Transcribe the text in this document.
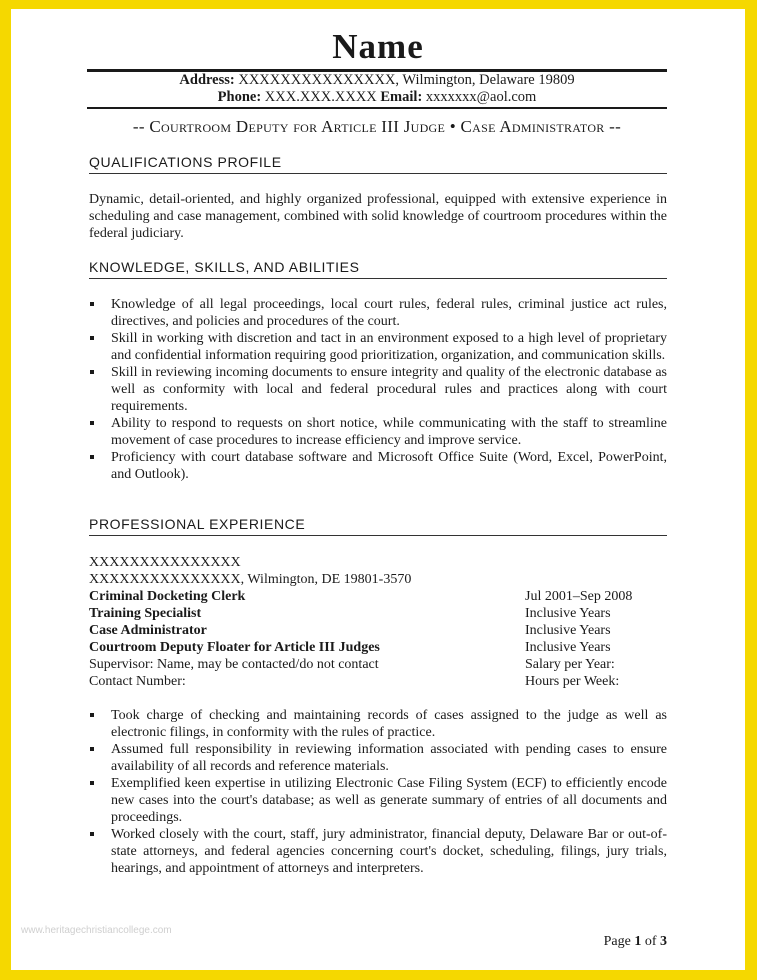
Name
Address: XXXXXXXXXXXXXXX, Wilmington, Delaware 19809
Phone: XXX.XXX.XXXX Email: xxxxxxx@aol.com
-- Courtroom Deputy for Article III Judge • Case Administrator --
QUALIFICATIONS PROFILE
Dynamic, detail-oriented, and highly organized professional, equipped with extensive experience in scheduling and case management, combined with solid knowledge of courtroom procedures within the federal judiciary.
KNOWLEDGE, SKILLS, AND ABILITIES
Knowledge of all legal proceedings, local court rules, federal rules, criminal justice act rules, directives, and policies and procedures of the court.
Skill in working with discretion and tact in an environment exposed to a high level of proprietary and confidential information requiring good prioritization, organization, and communication skills.
Skill in reviewing incoming documents to ensure integrity and quality of the electronic database as well as conformity with local and federal procedural rules and practices along with court requirements.
Ability to respond to requests on short notice, while communicating with the staff to streamline movement of case procedures to increase efficiency and improve service.
Proficiency with court database software and Microsoft Office Suite (Word, Excel, PowerPoint, and Outlook).
PROFESSIONAL EXPERIENCE
XXXXXXXXXXXXXXX
XXXXXXXXXXXXXXX, Wilmington, DE 19801-3570
Criminal Docketing Clerk	Jul 2001–Sep 2008
Training Specialist	Inclusive Years
Case Administrator	Inclusive Years
Courtroom Deputy Floater for Article III Judges	Inclusive Years
Supervisor: Name, may be contacted/do not contact	Salary per Year:
Contact Number:	Hours per Week:
Took charge of checking and maintaining records of cases assigned to the judge as well as electronic filings, in conformity with the rules of practice.
Assumed full responsibility in reviewing information associated with pending cases to ensure availability of all records and reference materials.
Exemplified keen expertise in utilizing Electronic Case Filing System (ECF) to efficiently encode new cases into the court's database; as well as generate summary of entries of all documents and proceedings.
Worked closely with the court, staff, jury administrator, financial deputy, Delaware Bar or out-of-state attorneys, and federal agencies concerning court's docket, scheduling, filings, jury trials, hearings, and appointment of attorneys and interpreters.
www.heritagechristiancollege.com
Page 1 of 3
